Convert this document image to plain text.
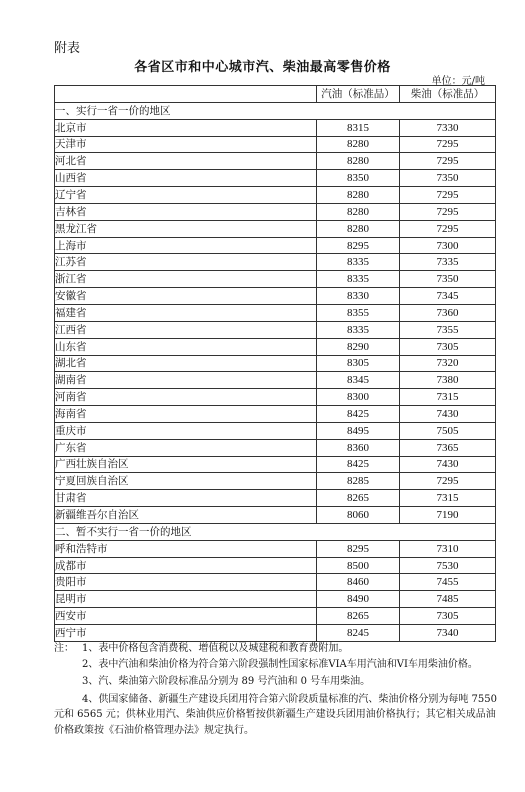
附表
各省区市和中心城市汽、柴油最高零售价格
单位：元/吨
	汽油（标准品）	柴油（标准品）
一、实行一省一价的地区		
北京市	8315	7330
天津市	8280	7295
河北省	8280	7295
山西省	8350	7350
辽宁省	8280	7295
吉林省	8280	7295
黑龙江省	8280	7295
上海市	8295	7300
江苏省	8335	7335
浙江省	8335	7350
安徽省	8330	7345
福建省	8355	7360
江西省	8335	7355
山东省	8290	7305
湖北省	8305	7320
湖南省	8345	7380
河南省	8300	7315
海南省	8425	7430
重庆市	8495	7505
广东省	8360	7365
广西壮族自治区	8425	7430
宁夏回族自治区	8285	7295
甘肃省	8265	7315
新疆维吾尔自治区	8060	7190
二、暂不实行一省一价的地区		
呼和浩特市	8295	7310
成都市	8500	7530
贵阳市	8460	7455
昆明市	8490	7485
西安市	8265	7305
西宁市	8245	7340

注： 1、表中价格包含消费税、增值税以及城建税和教育费附加。

2、表中汽油和柴油价格为符合第六阶段强制性国家标准VIA车用汽油和VI车用柴油价格。

3、汽、柴油第六阶段标准品分别为 89 号汽油和 0 号车用柴油。

4、供国家储备、新疆生产建设兵团用符合第六阶段质量标准的汽、柴油价格分别为每吨 7550 元和 6565 元；供林业用汽、柴油供应价格暂按供新疆生产建设兵团用油价格执行；其它相关成品油价格政策按《石油价格管理办法》规定执行。
